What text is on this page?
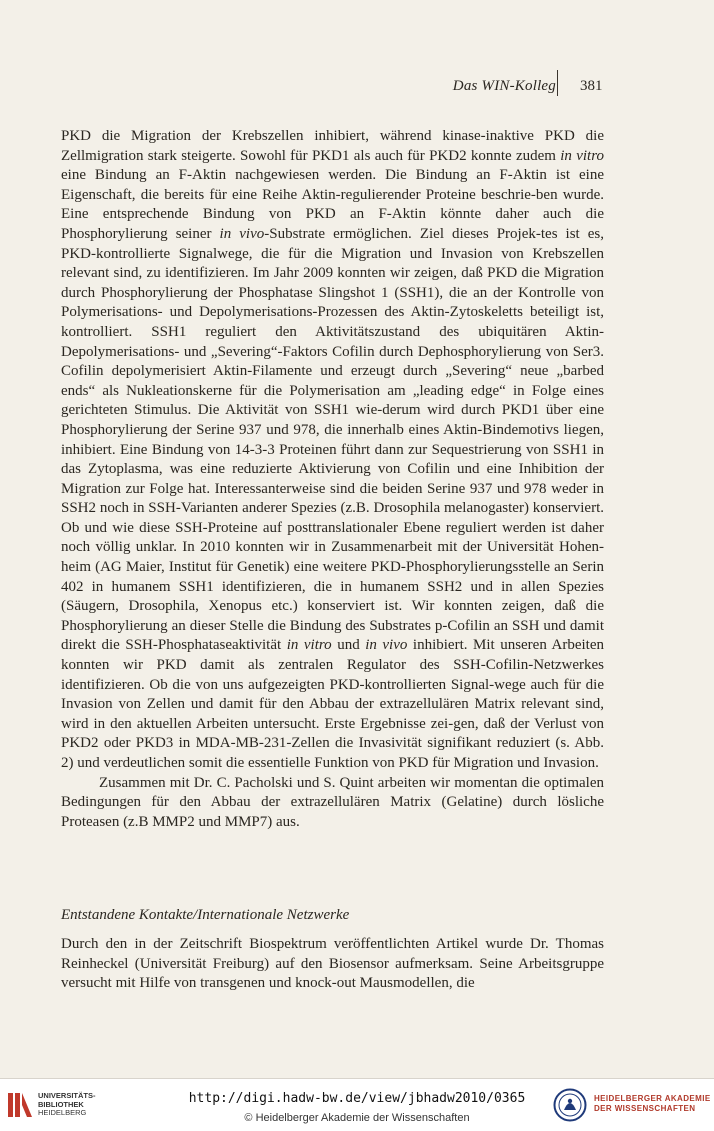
Das WIN-Kolleg 381

PKD die Migration der Krebszellen inhibiert, während kinase-inaktive PKD die Zellmigration stark steigerte. Sowohl für PKD1 als auch für PKD2 konnte zudem in vitro eine Bindung an F-Aktin nachgewiesen werden. Die Bindung an F-Aktin ist eine Eigenschaft, die bereits für eine Reihe Aktin-regulierender Proteine beschrie-ben wurde. Eine entsprechende Bindung von PKD an F-Aktin könnte daher auch die Phosphorylierung seiner in vivo-Substrate ermöglichen. Ziel dieses Projek-tes ist es, PKD-kontrollierte Signalwege, die für die Migration und Invasion von Krebszellen relevant sind, zu identifizieren. Im Jahr 2009 konnten wir zeigen, daß PKD die Migration durch Phosphorylierung der Phosphatase Slingshot 1 (SSH1), die an der Kontrolle von Polymerisations- und Depolymerisations-Prozessen des Aktin-Zytoskeletts beteiligt ist, kontrolliert. SSH1 reguliert den Aktivitätszustand des ubiquitären Aktin-Depolymerisations- und „Severing“-Faktors Cofilin durch Dephosphorylierung von Ser3. Cofilin depolymerisiert Aktin-Filamente und erzeugt durch „Severing“ neue „barbed ends“ als Nukleationskerne für die Polymerisation am „leading edge“ in Folge eines gerichteten Stimulus. Die Aktivität von SSH1 wie-derum wird durch PKD1 über eine Phosphorylierung der Serine 937 und 978, die innerhalb eines Aktin-Bindemotivs liegen, inhibiert. Eine Bindung von 14-3-3 Proteinen führt dann zur Sequestrierung von SSH1 in das Zytoplasma, was eine reduzierte Aktivierung von Cofilin und eine Inhibition der Migration zur Folge hat. Interessanterweise sind die beiden Serine 937 und 978 weder in SSH2 noch in SSH-Varianten anderer Spezies (z.B. Drosophila melanogaster) konserviert. Ob und wie diese SSH-Proteine auf posttranslationaler Ebene reguliert werden ist daher noch völlig unklar. In 2010 konnten wir in Zusammenarbeit mit der Universität Hohen-heim (AG Maier, Institut für Genetik) eine weitere PKD-Phosphorylierungsstelle an Serin 402 in humanem SSH1 identifizieren, die in humanem SSH2 und in allen Spezies (Säugern, Drosophila, Xenopus etc.) konserviert ist. Wir konnten zeigen, daß die Phosphorylierung an dieser Stelle die Bindung des Substrates p-Cofilin an SSH und damit direkt die SSH-Phosphataseaktivität in vitro und in vivo inhibiert. Mit unseren Arbeiten konnten wir PKD damit als zentralen Regulator des SSH-Cofilin-Netzwerkes identifizieren. Ob die von uns aufgezeigten PKD-kontrollierten Signal-wege auch für die Invasion von Zellen und damit für den Abbau der extrazellulären Matrix relevant sind, wird in den aktuellen Arbeiten untersucht. Erste Ergebnisse zei-gen, daß der Verlust von PKD2 oder PKD3 in MDA-MB-231-Zellen die Invasivität signifikant reduziert (s. Abb. 2) und verdeutlichen somit die essentielle Funktion von PKD für Migration und Invasion.

Zusammen mit Dr. C. Pacholski und S. Quint arbeiten wir momentan die optimalen Bedingungen für den Abbau der extrazellulären Matrix (Gelatine) durch lösliche Proteasen (z.B MMP2 und MMP7) aus.

Entstandene Kontakte/Internationale Netzwerke

Durch den in der Zeitschrift Biospektrum veröffentlichten Artikel wurde Dr. Thomas Reinheckel (Universität Freiburg) auf den Biosensor aufmerksam. Seine Arbeitsgruppe versucht mit Hilfe von transgenen und knock-out Mausmodellen, die

UNIVERSITÄTS-
BIBLIOTHEK
HEIDELBERG
http://digi.hadw-bw.de/view/jbhadw2010/0365
© Heidelberger Akademie der Wissenschaften
HEIDELBERGER AKADEMIE
DER WISSENSCHAFTEN
